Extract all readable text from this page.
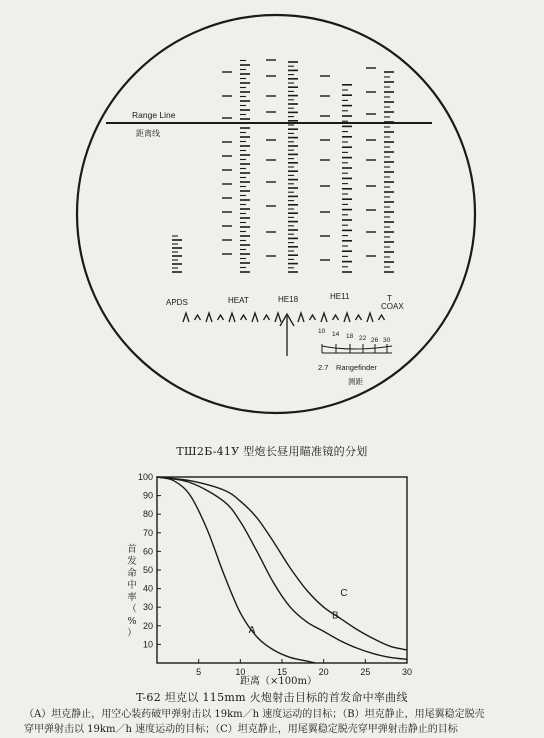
Range Line
距离线
APDS	HEAT	HE18	HE11	T
COAX
10 14 18 22 26 30
2.7 Rangefinder
测距
TШ2Б-41У 型炮长昼用瞄准镜的分划
10
20
30
40
50
60
70
80
90
100
5	10	15	20	25	30
A
B
C
首
发
命
中
率
（
%
）
距离（×100m）
T-62 坦克以 115mm 火炮射击目标的首发命中率曲线
（A）坦克静止，用空心装药破甲弹射击以 19km／h 速度运动的目标；（B）坦克静止，用尾翼稳定脱壳
穿甲弹射击以 19km／h 速度运动的目标；（C）坦克静止，用尾翼稳定脱壳穿甲弹射击静止的目标
